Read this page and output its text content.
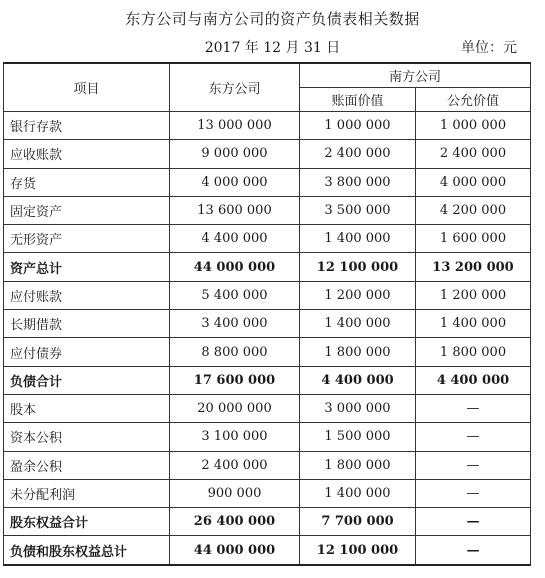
东方公司与南方公司的资产负债表相关数据
2017 年 12 月 31 日	单位：元
项目	东方公司	南方公司	
		账面价值	公允价值
银行存款	13 000 000	1 000 000	1 000 000
应收账款	9 000 000	2 400 000	2 400 000
存货	4 000 000	3 800 000	4 000 000
固定资产	13 600 000	3 500 000	4 200 000
无形资产	4 400 000	1 400 000	1 600 000
资产总计	44 000 000	12 100 000	13 200 000
应付账款	5 400 000	1 200 000	1 200 000
长期借款	3 400 000	1 400 000	1 400 000
应付债券	8 800 000	1 800 000	1 800 000
负债合计	17 600 000	4 400 000	4 400 000
股本	20 000 000	3 000 000	—
资本公积	3 100 000	1 500 000	—
盈余公积	2 400 000	1 800 000	—
未分配利润	900 000	1 400 000	—
股东权益合计	26 400 000	7 700 000	—
负债和股东权益总计	44 000 000	12 100 000	—
